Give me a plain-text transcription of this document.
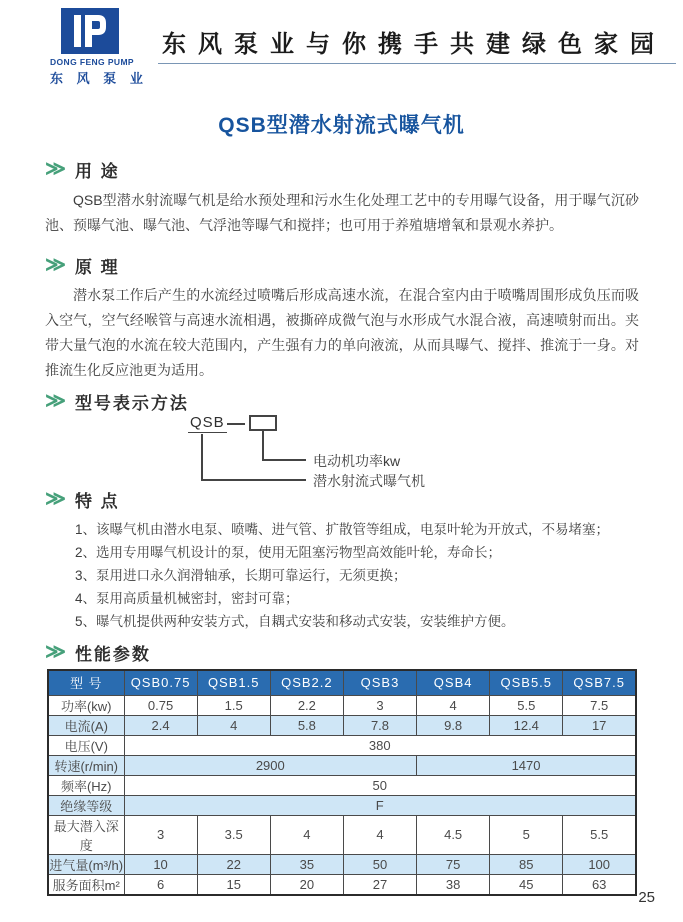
DONG FENG PUMP
东 风 泵 业
东风泵业与你携手共建绿色家园
QSB型潜水射流式曝气机
≫ 用 途

QSB型潜水射流曝气机是给水预处理和污水生化处理工艺中的专用曝气设备，用于曝气沉砂池、预曝气池、曝气池、气浮池等曝气和搅拌；也可用于养殖塘增氧和景观水养护。

≫ 原 理

潜水泵工作后产生的水流经过喷嘴后形成高速水流，在混合室内由于喷嘴周围形成负压而吸入空气，空气经喉管与高速水流相遇，被撕碎成微气泡与水形成气水混合液，高速喷射而出。夹带大量气泡的水流在较大范围内，产生强有力的单向液流，从而具曝气、搅拌、推流于一身。对推流生化反应池更为适用。

≫ 型号表示方法
QSB
电动机功率kw
潜水射流式曝气机
≫ 特 点
1、该曝气机由潜水电泵、喷嘴、进气管、扩散管等组成，电泵叶轮为开放式，不易堵塞；
2、选用专用曝气机设计的泵，使用无阻塞污物型高效能叶轮，寿命长；
3、泵用进口永久润滑轴承，长期可靠运行，无须更换；
4、泵用高质量机械密封，密封可靠；
5、曝气机提供两种安装方式，自耦式安装和移动式安装，安装维护方便。
≫ 性能参数
型 号	QSB0.75	QSB1.5	QSB2.2	QSB3	QSB4	QSB5.5	QSB7.5
功率(kw)	0.75	1.5	2.2	3	4	5.5	7.5
电流(A)	2.4	4	5.8	7.8	9.8	12.4	17
电压(V)	380						
转速(r/min)	2900				1470		
频率(Hz)	50						
绝缘等级	F						
最大潜入深度	3	3.5	4	4	4.5	5	5.5
进气量(m³/h)	10	22	35	50	75	85	100
服务面积m²	6	15	20	27	38	45	63
25
